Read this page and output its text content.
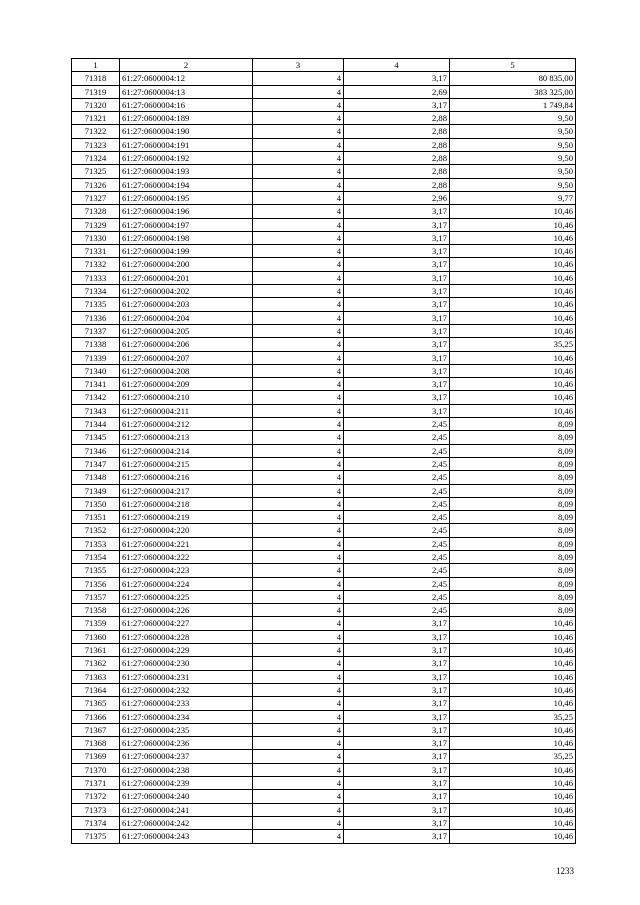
1	2	3	4	5
71318	61:27:0600004:12	4	3,17	80 835,00
71319	61:27:0600004:13	4	2,69	383 325,00
71320	61:27:0600004:16	4	3,17	1 749,84
71321	61:27:0600004:189	4	2,88	9,50
71322	61:27:0600004:190	4	2,88	9,50
71323	61:27:0600004:191	4	2,88	9,50
71324	61:27:0600004:192	4	2,88	9,50
71325	61:27:0600004:193	4	2,88	9,50
71326	61:27:0600004:194	4	2,88	9,50
71327	61:27:0600004:195	4	2,96	9,77
71328	61:27:0600004:196	4	3,17	10,46
71329	61:27:0600004:197	4	3,17	10,46
71330	61:27:0600004:198	4	3,17	10,46
71331	61:27:0600004:199	4	3,17	10,46
71332	61:27:0600004:200	4	3,17	10,46
71333	61:27:0600004:201	4	3,17	10,46
71334	61:27:0600004:202	4	3,17	10,46
71335	61:27:0600004:203	4	3,17	10,46
71336	61:27:0600004:204	4	3,17	10,46
71337	61:27:0600004:205	4	3,17	10,46
71338	61:27:0600004:206	4	3,17	35,25
71339	61:27:0600004:207	4	3,17	10,46
71340	61:27:0600004:208	4	3,17	10,46
71341	61:27:0600004:209	4	3,17	10,46
71342	61:27:0600004:210	4	3,17	10,46
71343	61:27:0600004:211	4	3,17	10,46
71344	61:27:0600004:212	4	2,45	8,09
71345	61:27:0600004:213	4	2,45	8,09
71346	61:27:0600004:214	4	2,45	8,09
71347	61:27:0600004:215	4	2,45	8,09
71348	61:27:0600004:216	4	2,45	8,09
71349	61:27:0600004:217	4	2,45	8,09
71350	61:27:0600004:218	4	2,45	8,09
71351	61:27:0600004:219	4	2,45	8,09
71352	61:27:0600004:220	4	2,45	8,09
71353	61:27:0600004:221	4	2,45	8,09
71354	61:27:0600004:222	4	2,45	8,09
71355	61:27:0600004:223	4	2,45	8,09
71356	61:27:0600004:224	4	2,45	8,09
71357	61:27:0600004:225	4	2,45	8,09
71358	61:27:0600004:226	4	2,45	8,09
71359	61:27:0600004:227	4	3,17	10,46
71360	61:27:0600004:228	4	3,17	10,46
71361	61:27:0600004:229	4	3,17	10,46
71362	61:27:0600004:230	4	3,17	10,46
71363	61:27:0600004:231	4	3,17	10,46
71364	61:27:0600004:232	4	3,17	10,46
71365	61:27:0600004:233	4	3,17	10,46
71366	61:27:0600004:234	4	3,17	35,25
71367	61:27:0600004:235	4	3,17	10,46
71368	61:27:0600004:236	4	3,17	10,46
71369	61:27:0600004:237	4	3,17	35,25
71370	61:27:0600004:238	4	3,17	10,46
71371	61:27:0600004:239	4	3,17	10,46
71372	61:27:0600004:240	4	3,17	10,46
71373	61:27:0600004:241	4	3,17	10,46
71374	61:27:0600004:242	4	3,17	10,46
71375	61:27:0600004:243	4	3,17	10,46
1233
